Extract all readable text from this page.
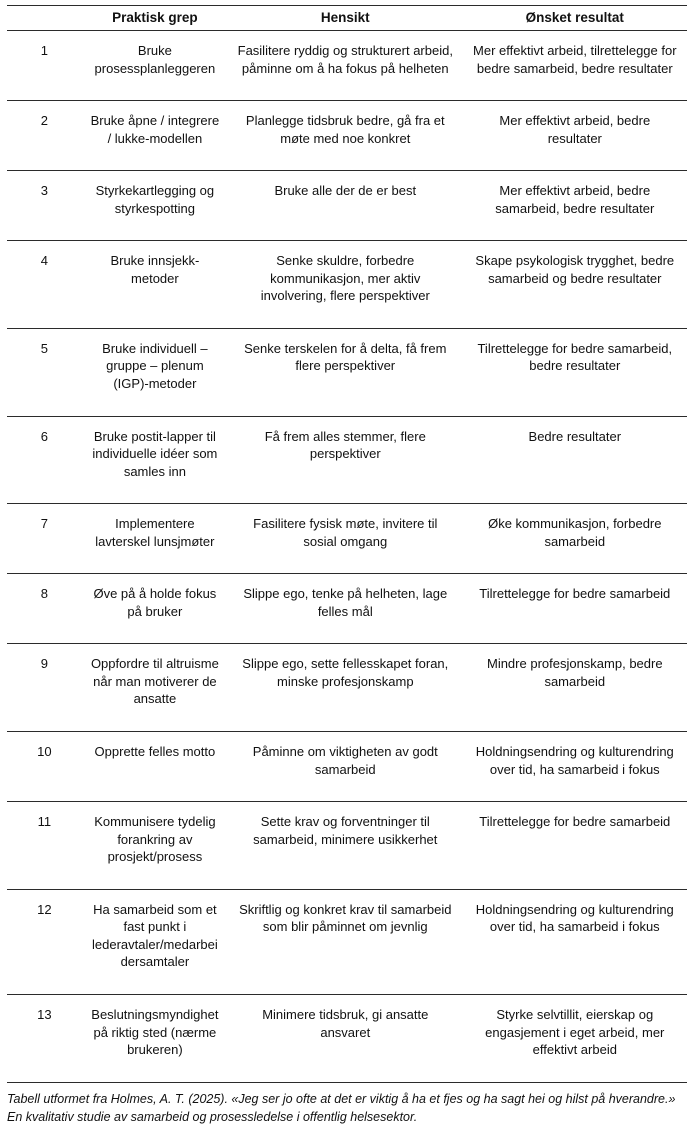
	Praktisk grep	Hensikt	Ønsket resultat
1	Bruke prosessplanleggeren	Fasilitere ryddig og strukturert arbeid, påminne om å ha fokus på helheten	Mer effektivt arbeid, tilrettelegge for bedre samarbeid, bedre resultater
2	Bruke åpne / integrere / lukke-modellen	Planlegge tidsbruk bedre, gå fra et møte med noe konkret	Mer effektivt arbeid, bedre resultater
3	Styrkekartlegging og styrkespotting	Bruke alle der de er best	Mer effektivt arbeid, bedre samarbeid, bedre resultater
4	Bruke innsjekk-metoder	Senke skuldre, forbedre kommunikasjon, mer aktiv involvering, flere perspektiver	Skape psykologisk trygghet, bedre samarbeid og bedre resultater
5	Bruke individuell – gruppe – plenum (IGP)-metoder	Senke terskelen for å delta, få frem flere perspektiver	Tilrettelegge for bedre samarbeid, bedre resultater
6	Bruke postit-lapper til individuelle idéer som samles inn	Få frem alles stemmer, flere perspektiver	Bedre resultater
7	Implementere lavterskel lunsjmøter	Fasilitere fysisk møte, invitere til sosial omgang	Øke kommunikasjon, forbedre samarbeid
8	Øve på å holde fokus på bruker	Slippe ego, tenke på helheten, lage felles mål	Tilrettelegge for bedre samarbeid
9	Oppfordre til altruisme når man motiverer de ansatte	Slippe ego, sette fellesskapet foran, minske profesjonskamp	Mindre profesjonskamp, bedre samarbeid
10	Opprette felles motto	Påminne om viktigheten av godt samarbeid	Holdningsendring og kulturendring over tid, ha samarbeid i fokus
11	Kommunisere tydelig forankring av prosjekt/prosess	Sette krav og forventninger til samarbeid, minimere usikkerhet	Tilrettelegge for bedre samarbeid
12	Ha samarbeid som et fast punkt i lederavtaler/medarbeidersamtaler	Skriftlig og konkret krav til samarbeid som blir påminnet om jevnlig	Holdningsendring og kulturendring over tid, ha samarbeid i fokus
13	Beslutningsmyndighet på riktig sted (nærme brukeren)	Minimere tidsbruk, gi ansatte ansvaret	Styrke selvtillit, eierskap og engasjement i eget arbeid, mer effektivt arbeid

Tabell utformet fra Holmes, A. T. (2025). «Jeg ser jo ofte at det er viktig å ha et fjes og ha sagt hei og hilst på hverandre.» En kvalitativ studie av samarbeid og prosessledelse i offentlig helsesektor.
